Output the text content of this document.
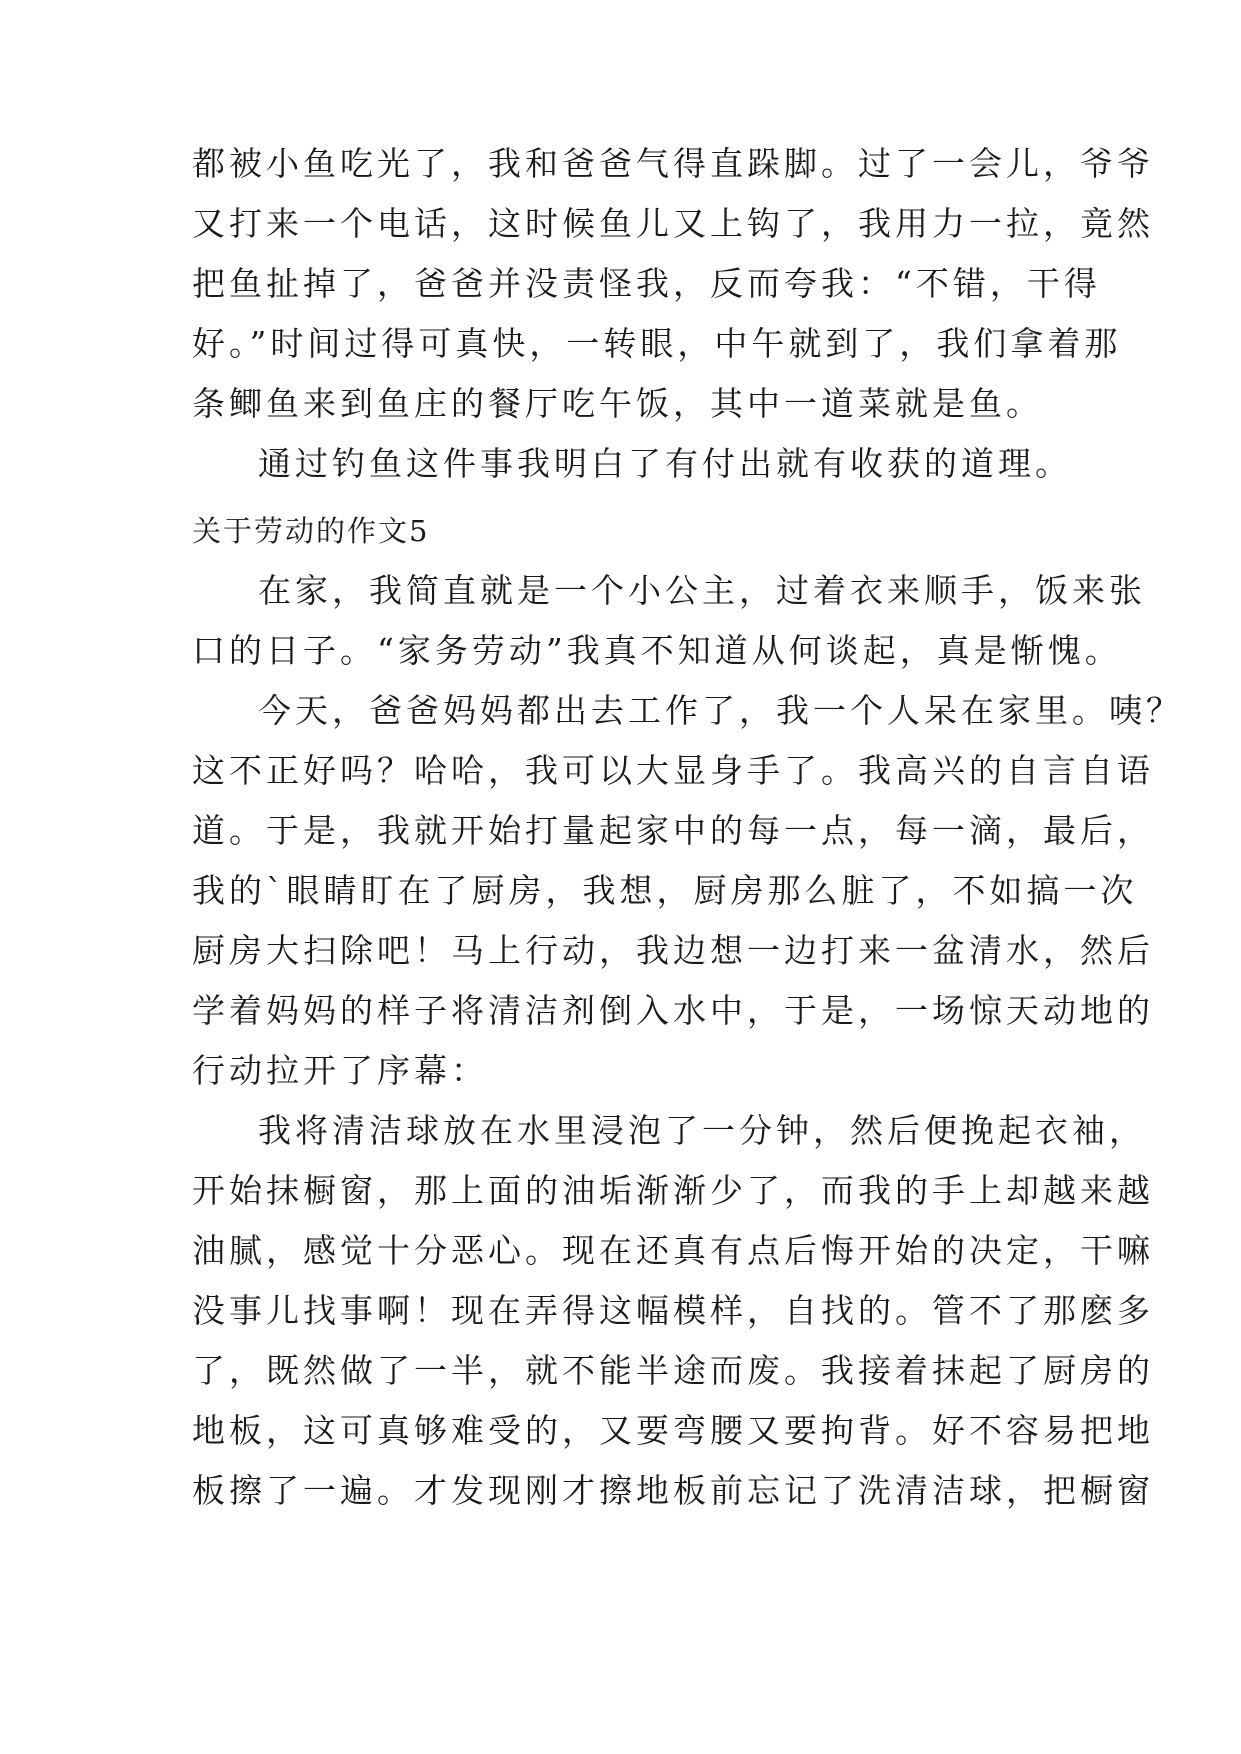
都被小鱼吃光了，我和爸爸气得直跺脚。过了一会儿，爷爷
又打来一个电话，这时候鱼儿又上钩了，我用力一拉，竟然
把鱼扯掉了，爸爸并没责怪我，反而夸我：“不错，干得
好。”时间过得可真快，一转眼，中午就到了，我们拿着那
条鲫鱼来到鱼庄的餐厅吃午饭，其中一道菜就是鱼。
通过钓鱼这件事我明白了有付出就有收获的道理。
关于劳动的作文5
在家，我简直就是一个小公主，过着衣来顺手，饭来张
口的日子。“家务劳动”我真不知道从何谈起，真是惭愧。
今天，爸爸妈妈都出去工作了，我一个人呆在家里。咦？
这不正好吗？哈哈，我可以大显身手了。我高兴的自言自语
道。于是，我就开始打量起家中的每一点，每一滴，最后，
我的`眼睛盯在了厨房，我想，厨房那么脏了，不如搞一次
厨房大扫除吧！马上行动，我边想一边打来一盆清水，然后
学着妈妈的样子将清洁剂倒入水中，于是，一场惊天动地的
行动拉开了序幕：
我将清洁球放在水里浸泡了一分钟，然后便挽起衣袖，
开始抹橱窗，那上面的油垢渐渐少了，而我的手上却越来越
油腻，感觉十分恶心。现在还真有点后悔开始的决定，干嘛
没事儿找事啊！现在弄得这幅模样，自找的。管不了那麽多
了，既然做了一半，就不能半途而废。我接着抹起了厨房的
地板，这可真够难受的，又要弯腰又要拘背。好不容易把地
板擦了一遍。才发现刚才擦地板前忘记了洗清洁球，把橱窗
